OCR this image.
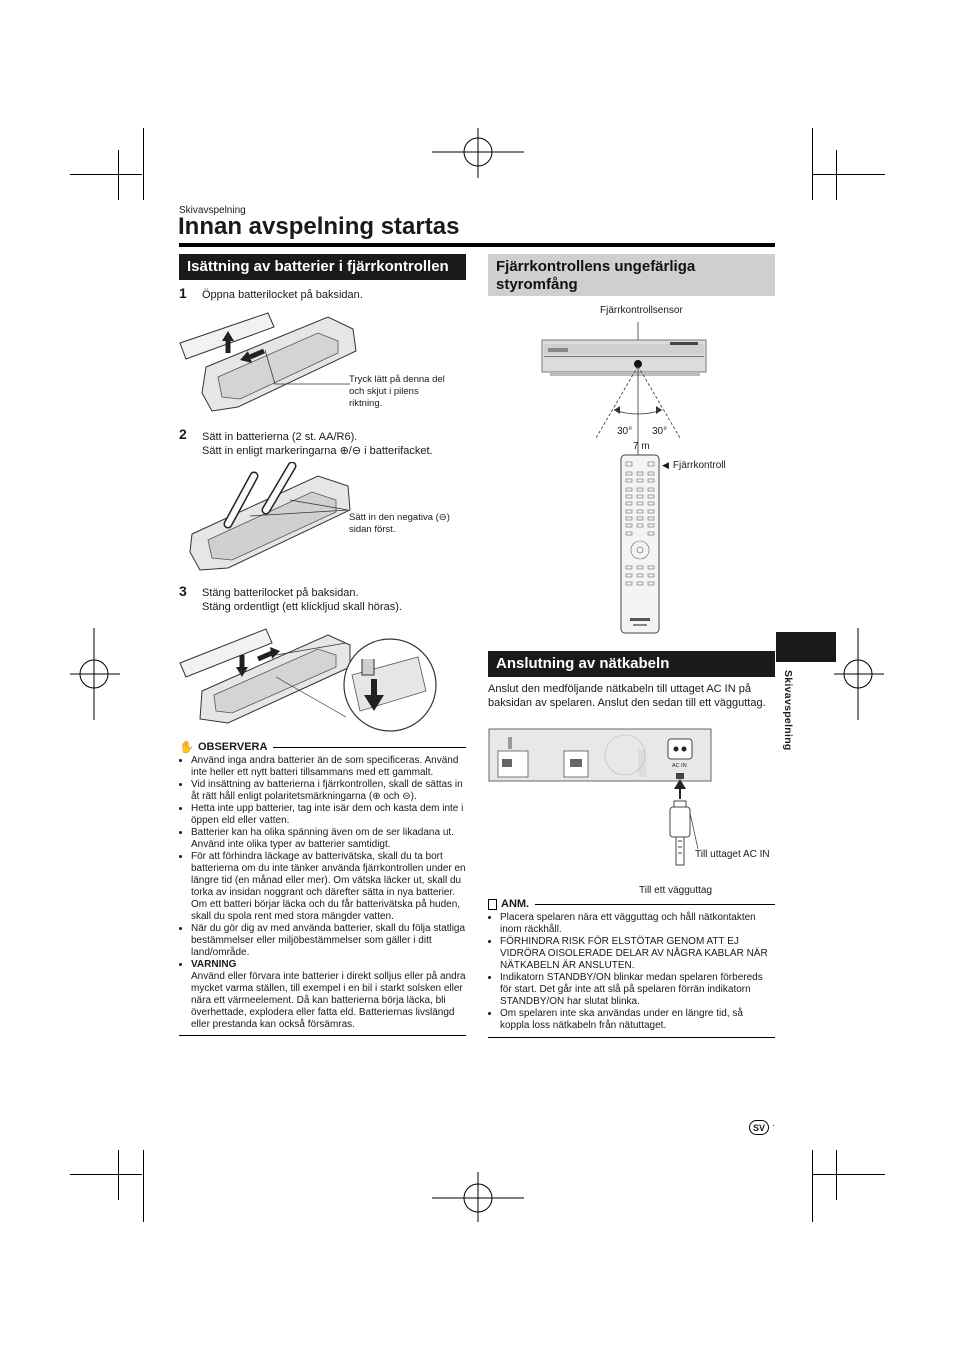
Skivavspelning
Innan avspelning startas
Skivavspelning
Isättning av batterier i fjärrkontrollen
1 Öppna batterilocket på baksidan.
Tryck lätt på denna del och skjut i pilens riktning.
2 Sätt in batterierna (2 st. AA/R6).
Sätt in enligt markeringarna ⊕/⊖ i batterifacket.
Sätt in den negativa (⊖) sidan först.
3 Stäng batterilocket på baksidan.
Stäng ordentligt (ett klickljud skall höras).
✋ OBSERVERA
• Använd inga andra batterier än de som specificeras. Använd inte heller ett nytt batteri tillsammans med ett gammalt.
• Vid insättning av batterierna i fjärrkontrollen, skall de sättas in åt rätt håll enligt polaritetsmärkningarna (⊕ och ⊖).
• Hetta inte upp batterier, tag inte isär dem och kasta dem inte i öppen eld eller vatten.
• Batterier kan ha olika spänning även om de ser likadana ut. Använd inte olika typer av batterier samtidigt.
• För att förhindra läckage av batterivätska, skall du ta bort batterierna om du inte tänker använda fjärrkontrollen under en längre tid (en månad eller mer). Om vätska läcker ut, skall du torka av insidan noggrant och därefter sätta in nya batterier. Om ett batteri börjar läcka och du får batterivätska på huden, skall du spola rent med stora mängder vatten.
• När du gör dig av med använda batterier, skall du följa statliga bestämmelser eller miljöbestämmelser som gäller i ditt land/område.
• VARNING
Använd eller förvara inte batterier i direkt solljus eller på andra mycket varma ställen, till exempel i en bil i starkt solsken eller nära ett värmeelement. Då kan batterierna börja läcka, bli överhettade, explodera eller fatta eld. Batteriernas livslängd eller prestanda kan också försämras.
Fjärrkontrollens ungefärliga styromfång
Fjärrkontrollsensor
30° 30°
7 m
◀ Fjärrkontroll
Anslutning av nätkabeln
Anslut den medföljande nätkabeln till uttaget AC IN på baksidan av spelaren. Anslut den sedan till ett vägguttag.
AC IN
Till uttaget AC IN
Till ett vägguttag
ANM.
• Placera spelaren nära ett vägguttag och håll nätkontakten inom räckhåll.
• FÖRHINDRA RISK FÖR ELSTÖTAR GENOM ATT EJ VIDRÖRA OISOLERADE DELAR AV NÅGRA KABLAR NÄR NÄTKABELN ÄR ANSLUTEN.
• Indikatorn STANDBY/ON blinkar medan spelaren förbereds för start. Det går inte att slå på spelaren förrän indikatorn STANDBY/ON har slutat blinka.
• Om spelaren inte ska användas under en längre tid, så koppla loss nätkabeln från nätuttaget.
SV ·
